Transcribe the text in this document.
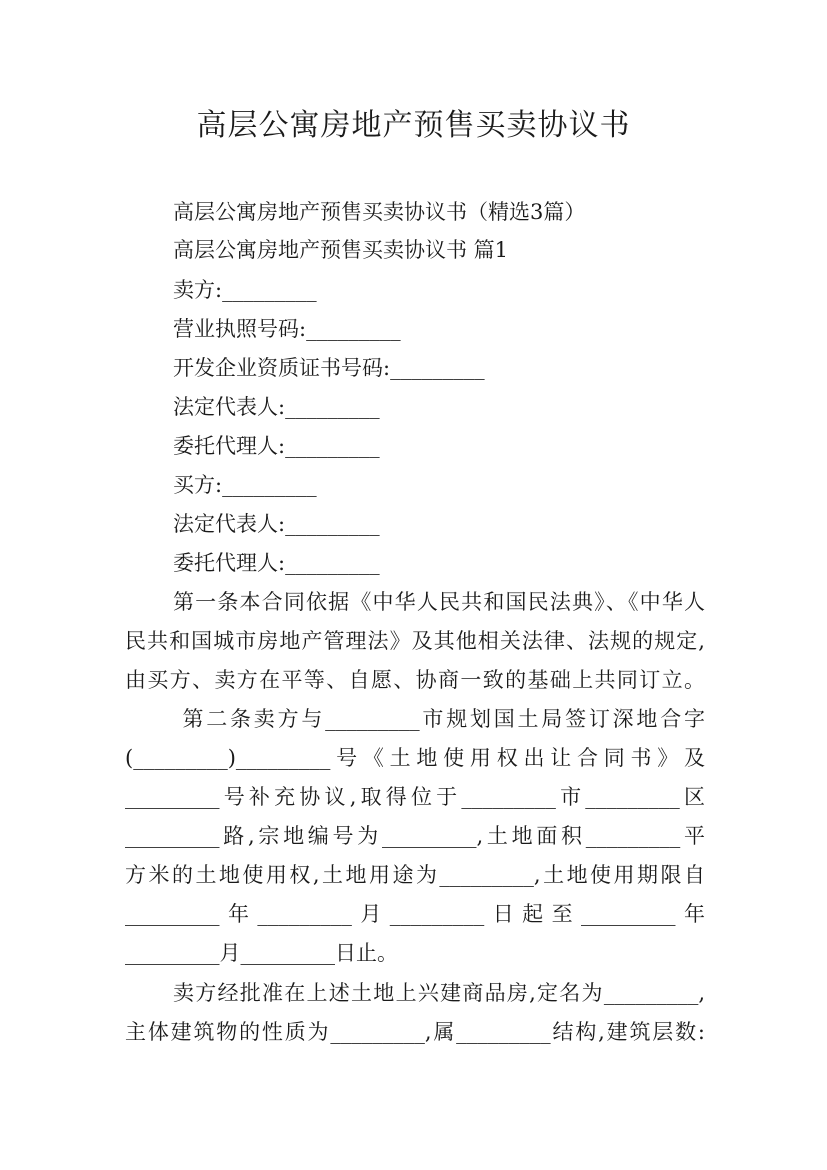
高层公寓房地产预售买卖协议书
高层公寓房地产预售买卖协议书（精选3篇）
高层公寓房地产预售买卖协议书 篇1
卖方:_________
营业执照号码:_________
开发企业资质证书号码:_________
法定代表人:_________
委托代理人:_________
买方:_________
法定代表人:_________
委托代理人:_________
第一条本合同依据《中华人民共和国民法典》、《中华人
民共和国城市房地产管理法》及其他相关法律、法规的规定,
由买方、卖方在平等、自愿、协商一致的基础上共同订立。
第二条卖方与_________市规划国土局签订深地合字
(_________)_________号《土地使用权出让合同书》及
_________号补充协议,取得位于_________市_________区
_________路,宗地编号为_________,土地面积_________平
方米的土地使用权,土地用途为_________,土地使用期限自
_________年_________月_________日起至_________年
_________月_________日止。
卖方经批准在上述土地上兴建商品房,定名为_________,
主体建筑物的性质为_________,属_________结构,建筑层数:
